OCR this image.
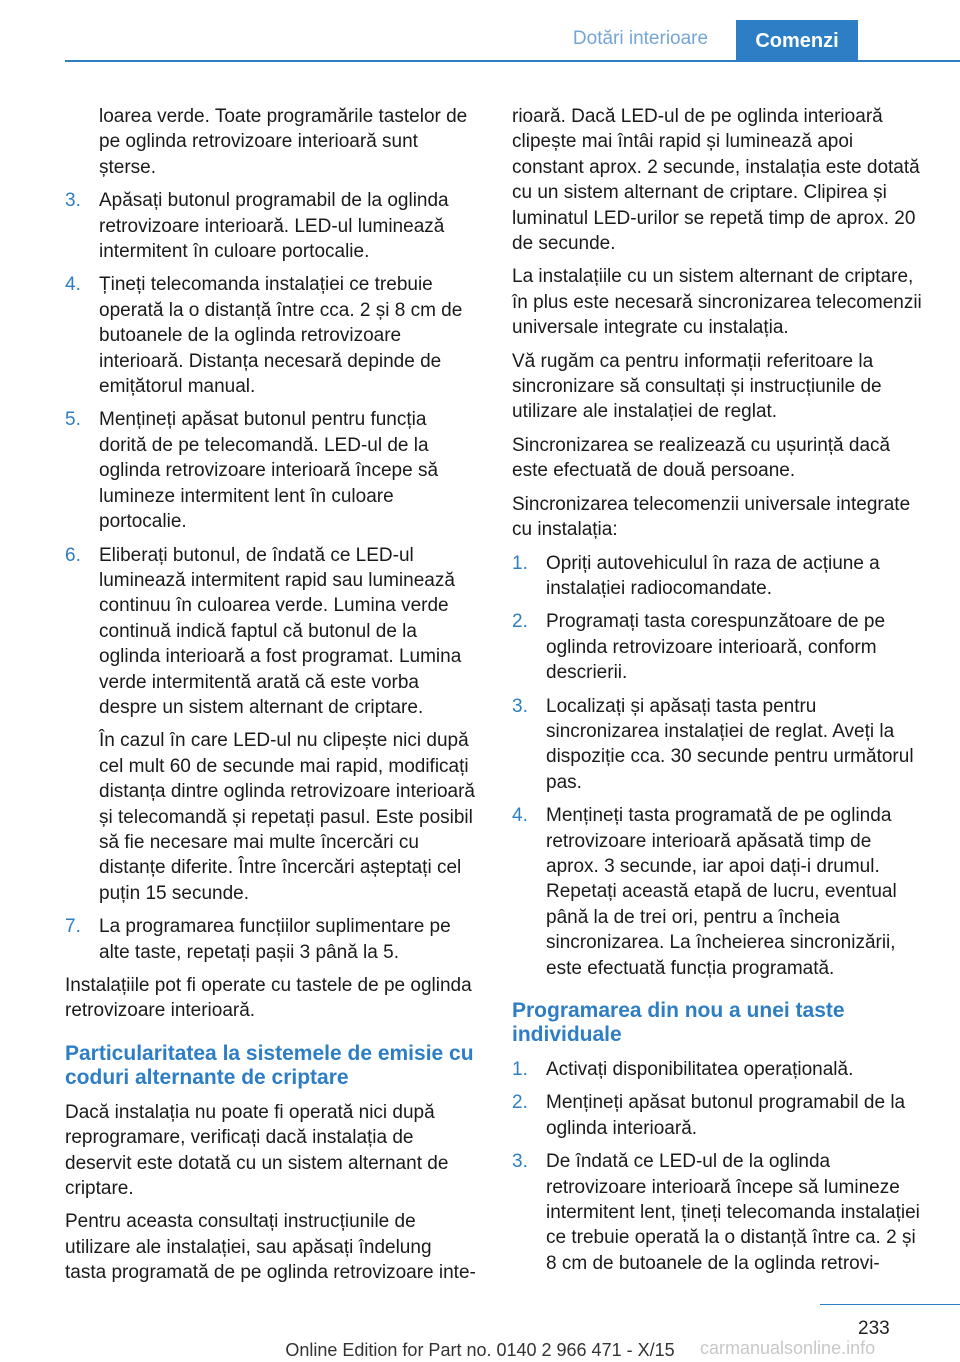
Dotări interioare	Comenzi

loarea verde. Toate programările tastelor de pe oglinda retrovizoare interioară sunt șterse.

3. Apăsați butonul programabil de la oglinda retrovizoare interioară. LED-ul luminează intermitent în culoare portocalie.

4. Țineți telecomanda instalației ce trebuie operată la o distanță între cca. 2 și 8 cm de butoanele de la oglinda retrovizoare interioară. Distanța necesară depinde de emițătorul manual.

5. Mențineți apăsat butonul pentru funcția dorită de pe telecomandă. LED-ul de la oglinda retrovizoare interioară începe să lumineze intermitent lent în culoare portocalie.

6. Eliberați butonul, de îndată ce LED-ul luminează intermitent rapid sau luminează continuu în culoarea verde. Lumina verde continuă indică faptul că butonul de la oglinda interioară a fost programat. Lumina verde intermitentă arată că este vorba despre un sistem alternant de criptare.

În cazul în care LED-ul nu clipește nici după cel mult 60 de secunde mai rapid, modificați distanța dintre oglinda retrovizoare interioară și telecomandă și repetați pasul. Este posibil să fie necesare mai multe încercări cu distanțe diferite. Între încercări așteptați cel puțin 15 secunde.

7. La programarea funcțiilor suplimentare pe alte taste, repetați pașii 3 până la 5.

Instalațiile pot fi operate cu tastele de pe oglinda retrovizoare interioară.

Particularitatea la sistemele de emisie cu coduri alternante de criptare

Dacă instalația nu poate fi operată nici după reprogramare, verificați dacă instalația de deservit este dotată cu un sistem alternant de criptare.

Pentru aceasta consultați instrucțiunile de utilizare ale instalației, sau apăsați îndelung tasta programată de pe oglinda retrovizoare inte-

rioară. Dacă LED-ul de pe oglinda interioară clipește mai întâi rapid și luminează apoi constant aprox. 2 secunde, instalația este dotată cu un sistem alternant de criptare. Clipirea și luminatul LED-urilor se repetă timp de aprox. 20 de secunde.

La instalațiile cu un sistem alternant de criptare, în plus este necesară sincronizarea telecomenzii universale integrate cu instalația.

Vă rugăm ca pentru informații referitoare la sincronizare să consultați și instrucțiunile de utilizare ale instalației de reglat.

Sincronizarea se realizează cu ușurință dacă este efectuată de două persoane.

Sincronizarea telecomenzii universale integrate cu instalația:

1. Opriți autovehiculul în raza de acțiune a instalației radiocomandate.

2. Programați tasta corespunzătoare de pe oglinda retrovizoare interioară, conform descrierii.

3. Localizați și apăsați tasta pentru sincronizarea instalației de reglat. Aveți la dispoziție cca. 30 secunde pentru următorul pas.

4. Mențineți tasta programată de pe oglinda retrovizoare interioară apăsată timp de aprox. 3 secunde, iar apoi dați-i drumul. Repetați această etapă de lucru, eventual până la de trei ori, pentru a încheia sincronizarea. La încheierea sincronizării, este efectuată funcția programată.

Programarea din nou a unei taste individuale
1. Activați disponibilitatea operațională.

2. Mențineți apăsat butonul programabil de la oglinda interioară.

3. De îndată ce LED-ul de la oglinda retrovizoare interioară începe să lumineze intermitent lent, țineți telecomanda instalației ce trebuie operată la o distanță între ca. 2 și 8 cm de butoanele de la oglinda retrovi-

233
carmanualsonline.info
Online Edition for Part no. 0140 2 966 471 - X/15
